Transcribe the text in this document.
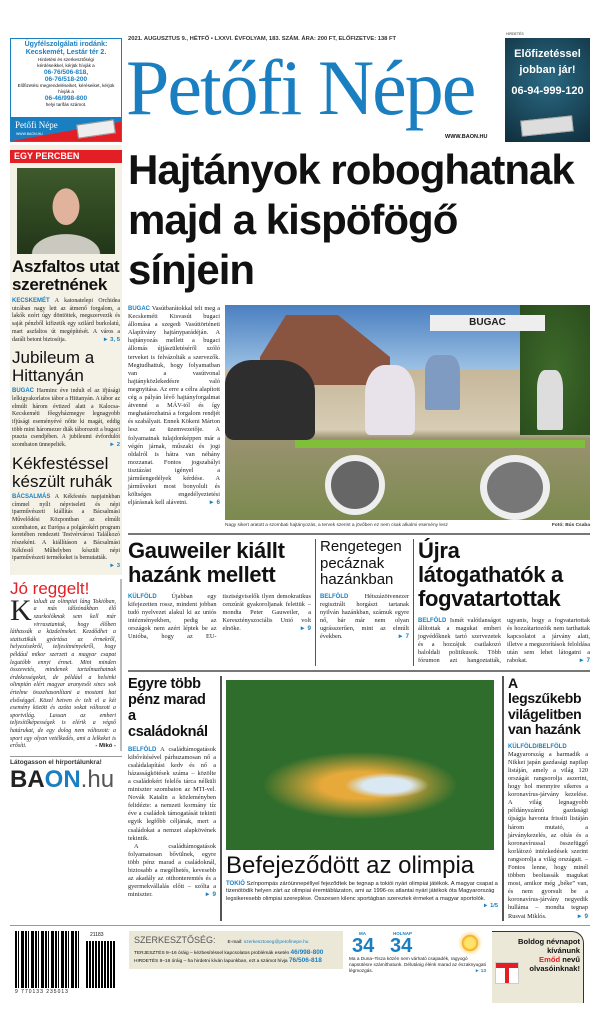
Ügyfélszolgálati irodánk:
Kecskemét, Lestár tér 2.
Hirdetési és szerkesztőségi kérdéseikkel, kérjük hívják a
06-76/506-818,
06-76/518-200
Előfizetési megrendeléseiket, kéréseiket, kérjük hívják a
06-46/998-800
helyi tarifás számot.
Petőfi Népe
WWW.BAON.HU
2021. AUGUSZTUS 9., HÉTFŐ • LXXVI. ÉVFOLYAM, 183. SZÁM. ÁRA: 200 FT, ELŐFIZETVE: 138 FT
Petőfi Népe
WWW.BAON.HU
HIRDETÉS
Előfizetéssel
jobban jár!
06-94-999-120
EGY PERCBEN
Aszfaltos utat szeretnének
KECSKEMÉT A katonatelepi Orchidea utcában nagy lett az átmenő forgalom, a lakók ezért úgy döntöttek, megszervezik és saját pénzből kifizetik egy szilárd burkolatú, mart aszfaltos út megépítését. A város a darált betont biztosítja.	► 3, 5
Jubileum a Hittanyán
BUGAC Harminc éve indult el az ifjúsági lelkigyakorlatos tábor a Hittanyán. A tábor az elmúlt három évtized alatt a Kalocsa-Kecskeméti főegyházmegye legnagyobb ifjúsági eseményévé nőtte ki magát, eddig több mint háromezer diák táborozott a bugaci puszta csendjében. A jubileumi évfordulót szombaton ünnepelték.	► 2
Kékfestéssel készült ruhák
BÁCSALMÁS A Kékfestés napjainkban címmel nyílt népviseleti és népi iparművészeti kiállítás a Bácsalmási Művelődési Központban az elmúlt szombaton, az Európa a polgárokért program keretében rendezett Testvérvárosi Találkozó részeként. A kiállításon a Bácsalmási Kékfestő Műhelyben készült népi iparművészeti termékeket is bemutatták.
► 3
Jó reggelt!
Kialudt az olimpiai láng Tokióban, a más időzónákban élő szurkolóknak sem kell már virrasztaniuk, hogy élőben láthassák a küzdelmeket. Kezdődhet a statisztikák gyártása az érmekről, helyezésekről, teljesítményekről, hogy például mikor szerzett a magyar csapat legutóbb ennyi érmet. Mint minden összevetés, mindenek tartalmazhatnak érdekességeket, de például a helsinki olimpián elért magyar aranyesőt sincs sok értelme összehasonlítani a mostani hat elsőséggel. Közel hetven év telt el a két esemény között és azóta sokat változott a sportvilág. Lassan az emberi teljesítőképességek is elérik a végső határukat, de egy dolog nem változott: a sport egy olyan vetélkedés, ami a lelkeket is erősíti.	- Mikó -
Látogasson el hírportálunkra!
BAON.hu
Hajtányok roboghatnak
majd a kispöfögő sínjein
BUGAC Vasútbarátokkal telt meg a Kecskeméti Kisvasút bugaci állomása a szegedi Vasúttörténeti Alapítvány hajtányparádéján. A hajtányozás mellett a bugaci állomás újjászületéséről szóló terveket is felvázolták a szervezők. Megtudhattuk, hogy folyamatban van a vasútvonal hajtányközlekedésre való megnyitása. Az erre a célra alapított cég a pályán lévő hajtányforgalmat átvenné a MÁV-tól és így meghatározhatná a forgalom rendjét és szabályait. Ennek Kökeni Márton lesz az üzemvezetője. A folyamatnak tulajdonképpen már a végén járnak, műszaki és jogi oldalról is hátra van néhány mozzanat. Fontos jogszabályi tisztázást igényel a járműengedélyek kérdése. A járműveket most bonyolult és költséges engedélyeztetési eljárásnak kell alávetni.	► 6
BUGAC
Nagy sikert aratott a szombati hajtányozás, a tervek szerint a jövőben ez nem csak alkalmi esemény lesz	Fotó: Bús Csaba
Gauweiler kiállt hazánk mellett
KÜLFÖLD Újabban egy kifejezetten rossz, mindent jobban tudó nyelvezet alakul ki az uniós intézményekben, pedig az országok nem azért léptek be az Unióba, hogy az EU-tisztségviselők ilyen demokratikus cenzúrát gyakoroljanak felettük – mondta Peter Gauweiler, a Keresztényszociális Unió volt elnöke.	► 9
Rengetegen pecáznak hazánkban
BELFÖLD	Hétszázötvenezer regisztrált horgászt tartanak nyilván hazánkban, számuk egyre nő, bár már nem olyan ugrásszerűen, mint az elmúlt években.	► 7
Újra látogathatók a fogvatartottak
BELFÖLD Ismét valótlanságot állítottak a magukat emberi jogvédőknek tartó szervezetek és a hozzájuk csatlakozó baloldali politikusok. Több fórumon azt hangoztatták, ugyanis, hogy a fogvatartottak és hozzátartozóik nem tarthattak kapcsolatot a járvány alatt, illetve a megszorítások feloldása után sem lehet látogatni a rabokat.	► 7
Egyre több pénz marad a családoknál
BELFÖLD A családtámogatások kibővítésével párhuzamosan nő a családalapítási kedv és nő a házasságkötések száma – közölte a családokért felelős tárca nélküli miniszter szombaton az MTI-vel. Novák Katalin a közleményben felidézte: a nemzeti kormány tíz éve a családok támogatását tekinti egyik legfőbb céljának, mert a családokat a nemzet alapkövének tekintik.
A családtámogatások folyamatosan bővülnek, egyre több pénz marad a családoknál, biztosabb a megélhetés, kevesebb az akadály az otthonteremtés és a gyermekvállalás előtt – szólta a miniszter.	► 9
Befejeződött az olimpia
TOKIÓ Színpompás záróünnepéllyel fejeződtek be tegnap a tokiói nyári olimpiai játékok. A magyar csapat a tizenötödik helyen zárt az olimpiai éremtáblázaton, ami az 1996-os atlantai nyári játékok óta Magyarország legsikeresebb olimpiai szereplése. Összesen kilenc sportágban szereztek érmeket a magyar sportolók.
► 1/5
A legszűkebb világelitben van hazánk
KÜLFÖLD/BELFÖLD Magyarország a harmadik a Nikkei japán gazdasági napilap listáján, amely a világ 120 országát rangsorolja aszerint, hogy hol mennyire sikeres a koronavírus-járvány kezelése. A világ legnagyobb példányszámú gazdasági újságja havonta frissíti listáján három mutató, a járványkezelés, az oltás és a koronavírussal összefüggő korlátozó intézkedések szerint rangsorolja a világ országait. – Fontos lenne, hogy minél többen beoltassák magukat most, amikor még „béke” van, és nem gyorsult be a koronavírus-járvány negyedik hulláma – mondta tegnap Rusvai Miklós.	► 9
21183
9 770133 235013
SZERKESZTŐSÉG:	E-mail: szerkesztoseg@petofinepe.hu
TERJESZTÉS 8–16 óráig – kézbesítéssel kapcsolatos problémák esetén 46/998-800
HIRDETÉS 8–16 óráig – ha hirdetni kíván lapunkban, ezt a számot hívja 76/506-818
MA
34
HOLNAP
34
Ma a Duna–Tisza közén nem várható csapadék, ragyogó napsütésre számíthatunk. Délutánig élénk marad az északnyugati légmozgás.	► 13
Boldog névnapot
kívánunk
Emőd nevű
olvasóinknak!
